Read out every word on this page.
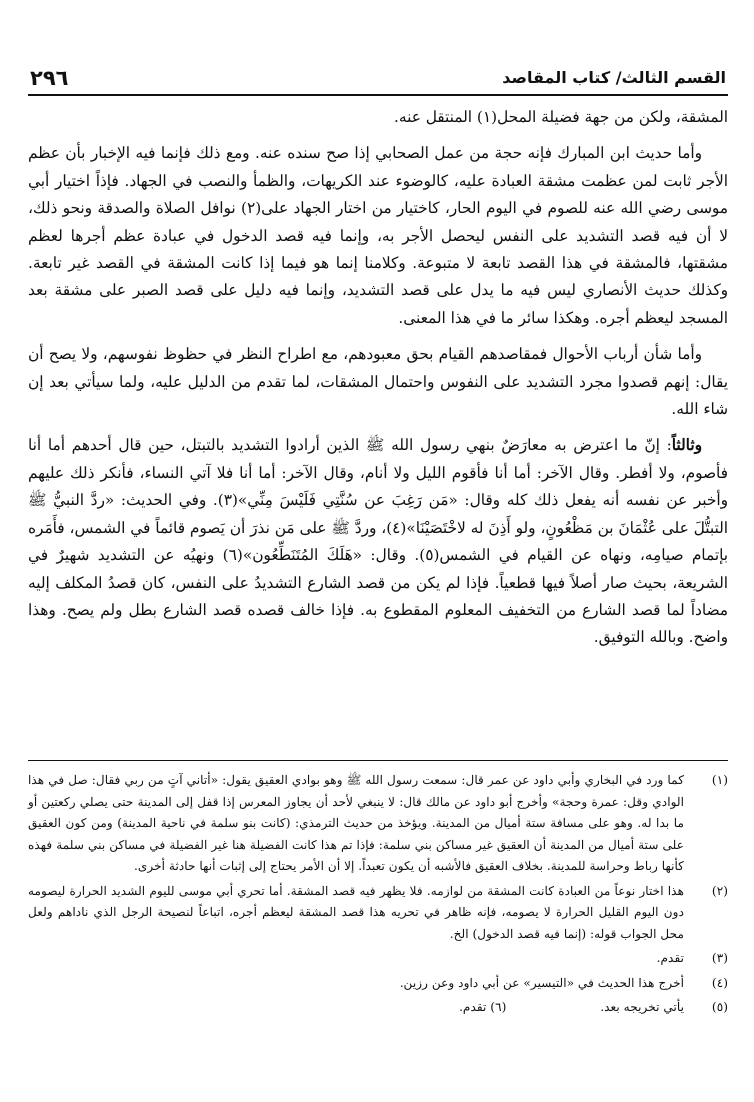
٢٩٦	القسم الثالث/ كتاب المقاصد

المشقة، ولكن من جهة فضيلة المحل(١) المنتقل عنه.

وأما حديث ابن المبارك فإنه حجة من عمل الصحابي إذا صح سنده عنه. ومع ذلك فإنما فيه الإخبار بأن عظم الأجر ثابت لمن عظمت مشقة العبادة عليه، كالوضوء عند الكريهات، والظمأ والنصب في الجهاد. فإذاً اختيار أبي موسى رضي الله عنه للصوم في اليوم الحار، كاختيار من اختار الجهاد على(٢) نوافل الصلاة والصدقة ونحو ذلك، لا أن فيه قصد التشديد على النفس ليحصل الأجر به، وإنما فيه قصد الدخول في عبادة عظم أجرها لعظم مشقتها، فالمشقة في هذا القصد تابعة لا متبوعة. وكلامنا إنما هو فيما إذا كانت المشقة في القصد غير تابعة. وكذلك حديث الأنصاري ليس فيه ما يدل على قصد التشديد، وإنما فيه دليل على قصد الصبر على مشقة بعد المسجد ليعظم أجره. وهكذا سائر ما في هذا المعنى.

وأما شأن أرباب الأحوال فمقاصدهم القيام بحق معبودهم، مع اطراح النظر في حظوظ نفوسهم، ولا يصح أن يقال: إنهم قصدوا مجرد التشديد على النفوس واحتمال المشقات، لما تقدم من الدليل عليه، ولما سيأتي بعد إن شاء الله.

وثالثاً: إنّ ما اعترض به معارَضٌ بنهي رسول الله ﷺ الذين أرادوا التشديد بالتبتل، حين قال أحدهم أما أنا فأصوم، ولا أفطر. وقال الآخر: أما أنا فأقوم الليل ولا أنام، وقال الآخر: أما أنا فلا آتي النساء، فأنكر ذلك عليهم وأخبر عن نفسه أنه يفعل ذلك كله وقال: «مَن رَغِبَ عن سُنَّتِي فَلَيْسَ مِنِّي»(٣). وفي الحديث: «ردَّ النبيُّ ﷺ التبتُّلَ على عُثْمَانَ بن مَظْعُونٍ، ولو أَذِنَ له لاخْتَصَيْنَا»(٤)، وردَّ ﷺ على مَن نذرَ أن يَصوم قائماً في الشمس، فأَمَره بإتمام صيامِه، ونهاه عن القيام في الشمس(٥). وقال: «هَلَكَ المُتَنَطِّعُون»(٦) ونهيُه عن التشديد شهيرٌ في الشريعة، بحيث صار أصلاً فيها قطعياً. فإذا لم يكن من قصد الشارع التشديدُ على النفس، كان قصدُ المكلف إليه مضاداً لما قصد الشارع من التخفيف المعلوم المقطوع به. فإذا خالف قصده قصد الشارع بطل ولم يصح. وهذا واضح. وبالله التوفيق.

(١)
كما ورد في البخاري وأبي داود عن عمر قال: سمعت رسول الله ﷺ وهو بوادي العقيق يقول: «أتاني آتٍ من ربي فقال: صل في هذا الوادي وقل: عمرة وحجة» وأخرج أبو داود عن مالك قال: لا ينبغي لأحد أن يجاوز المعرس إذا قفل إلى المدينة حتى يصلي ركعتين أو ما بدا له. وهو على مسافة ستة أميال من المدينة. ويؤخذ من حديث الترمذي: (كانت بنو سلمة في ناحية المدينة) ومن كون العقيق على ستة أميال من المدينة أن العقيق غير مساكن بني سلمة: فإذا تم هذا كانت الفضيلة هنا غير الفضيلة في مساكن بني سلمة فهذه كأنها رباط وحراسة للمدينة. بخلاف العقيق فالأشبه أن يكون تعبداً. إلا أن الأمر يحتاج إلى إثبات أنها حادثة أخرى.
(٢)
هذا اختار نوعاً من العبادة كانت المشقة من لوازمه. فلا يظهر فيه قصد المشقة. أما تحري أبي موسى لليوم الشديد الحرارة ليصومه دون اليوم القليل الحرارة لا يصومه، فإنه ظاهر في تحريه هذا قصد المشقة ليعظم أجره، اتباعاً لنصيحة الرجل الذي ناداهم ولعل محل الجواب قوله: (إنما فيه قصد الدخول) الخ.
(٣)
تقدم.
(٤)
أخرج هذا الحديث في «التيسير» عن أبي داود وعن رزين.
(٥)
يأتي تخريجه بعد. (٦) تقدم.
